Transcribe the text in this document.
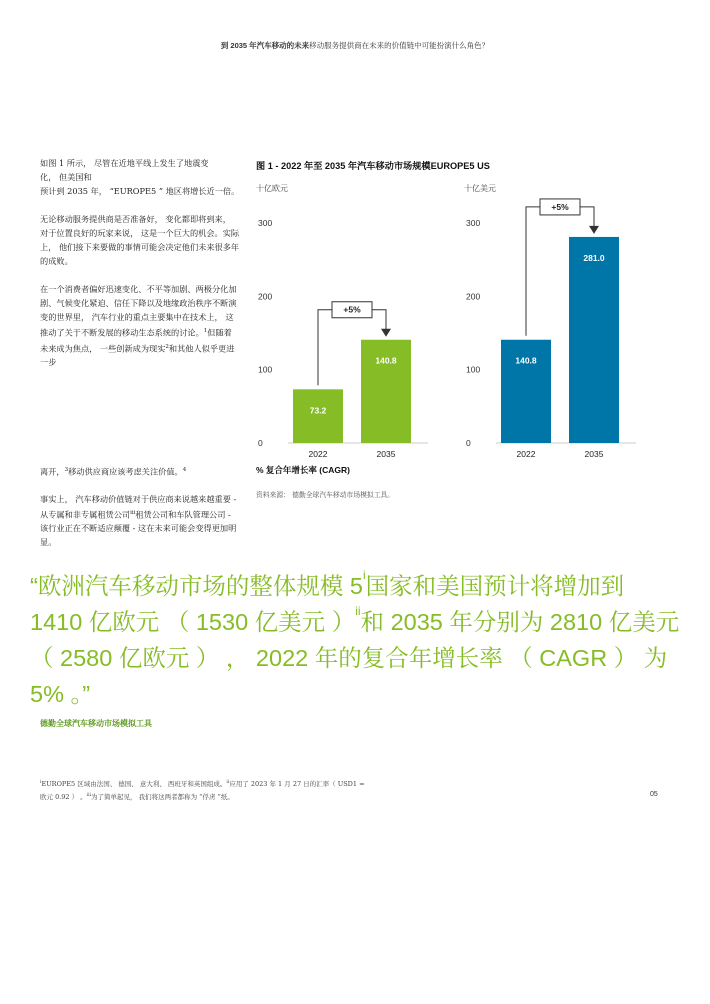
到 2035 年汽车移动的未来移动服务提供商在未来的价值链中可能扮演什么角色？

如图 1 所示， 尽管在近地平线上发生了地震变
化， 但美国和
预计到 2035 年， “EUROPE5 ” 地区将增长近一倍。

无论移动服务提供商是否准备好， 变化都即将到来， 对于位置良好的玩家来说， 这是一个巨大的机会。实际上， 他们接下来要做的事情可能会决定他们未来很多年的成败。

在一个消费者偏好迅速变化、不平等加剧、两极分化加剧、气候变化紧迫、信任下降以及地缘政治秩序不断演变的世界里， 汽车行业的重点主要集中在技术上， 这推动了关于不断发展的移动生态系统的讨论。$^1$但随着未来成为焦点， 一些创新成为现实$^2$和其他人似乎更进一步

离开，$^3$移动供应商应该考虑关注价值。$^4$

事实上， 汽车移动价值链对于供应商来说越来越重要 - 从专属和非专属租赁公司$^{iii}$租赁公司和车队管理公司 - 该行业正在不断适应颠覆 - 这在未来可能会变得更加明显。

图 1 - 2022 年至 2035 年汽车移动市场规模EUROPE5 US
十亿欧元	十亿美元
0
100
200
300
73.2
2022
140.8
2035
+5%
0
100
200
300
140.8
2022
281.0
2035
+5%
% 复合年增长率 (CAGR)
资料来源： 德勤全球汽车移动市场模拟工具。
“欧洲汽车移动市场的整体规模 5$^i$国家和美国预计将增加到 1410 亿欧元 （ 1530 亿美元 ）$^{ii}$和 2035 年分别为 2810 亿美元 （ 2580 亿欧元 ） ， 2022 年的复合年增长率 （ CAGR ） 为 5% 。”
德勤全球汽车移动市场模拟工具
$^i$EUROPE5 区域由法国、 德国、 意大利、 西班牙和英国组成。$^{ii}$应用了 2023 年 1 月 27 日的汇率（ USD1 =
欧元 0.92 ） 。$^{iii}$为了简单起见， 我们将这两者都称为 “俘虏 ”纸。	05
